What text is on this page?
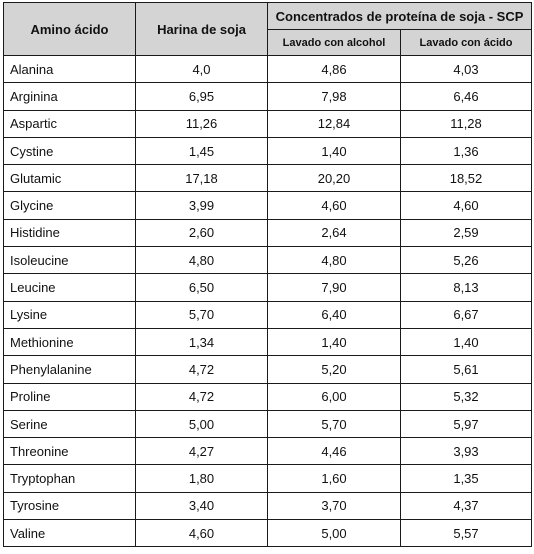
Amino ácido	Harina de soja	Concentrados de proteína de soja - SCP	
		Lavado con alcohol	Lavado con ácido
Alanina	4,0	4,86	4,03
Arginina	6,95	7,98	6,46
Aspartic	11,26	12,84	11,28
Cystine	1,45	1,40	1,36
Glutamic	17,18	20,20	18,52
Glycine	3,99	4,60	4,60
Histidine	2,60	2,64	2,59
Isoleucine	4,80	4,80	5,26
Leucine	6,50	7,90	8,13
Lysine	5,70	6,40	6,67
Methionine	1,34	1,40	1,40
Phenylalanine	4,72	5,20	5,61
Proline	4,72	6,00	5,32
Serine	5,00	5,70	5,97
Threonine	4,27	4,46	3,93
Tryptophan	1,80	1,60	1,35
Tyrosine	3,40	3,70	4,37
Valine	4,60	5,00	5,57
